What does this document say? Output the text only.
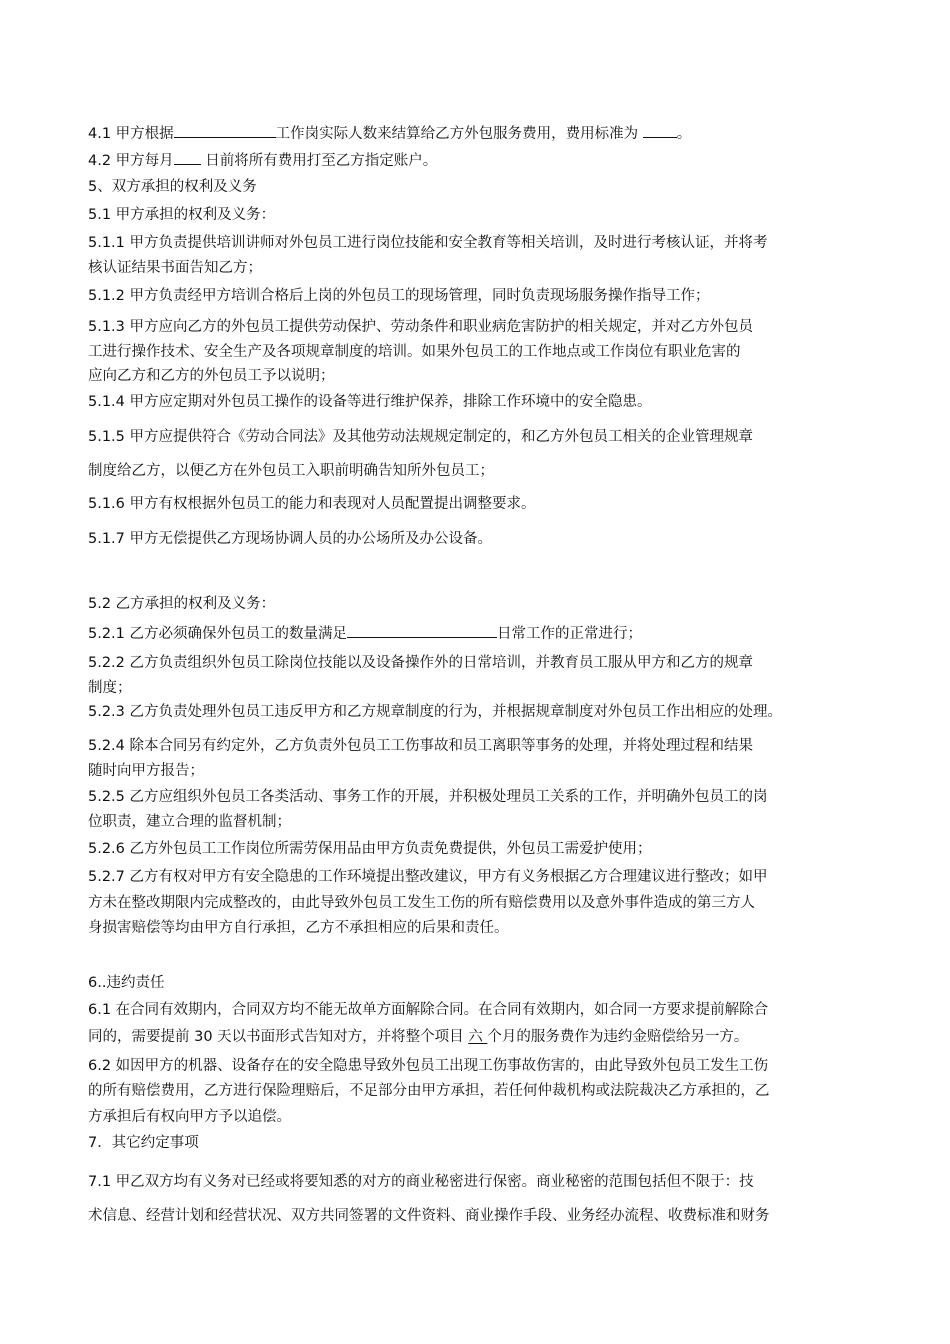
4.1 甲方根据	工作岗实际人数来结算给乙方外包服务费用，费用标准为 。
4.2 甲方每月 日前将所有费用打至乙方指定账户。
5、双方承担的权利及义务
5.1 甲方承担的权利及义务：
5.1.1 甲方负责提供培训讲师对外包员工进行岗位技能和安全教育等相关培训，及时进行考核认证，并将考
核认证结果书面告知乙方；
5.1.2 甲方负责经甲方培训合格后上岗的外包员工的现场管理，同时负责现场服务操作指导工作；
5.1.3 甲方应向乙方的外包员工提供劳动保护、劳动条件和职业病危害防护的相关规定，并对乙方外包员
工进行操作技术、安全生产及各项规章制度的培训。如果外包员工的工作地点或工作岗位有职业危害的
应向乙方和乙方的外包员工予以说明；
5.1.4 甲方应定期对外包员工操作的设备等进行维护保养，排除工作环境中的安全隐患。
5.1.5 甲方应提供符合《劳动合同法》及其他劳动法规规定制定的，和乙方外包员工相关的企业管理规章
制度给乙方，以便乙方在外包员工入职前明确告知所外包员工；
5.1.6 甲方有权根据外包员工的能力和表现对人员配置提出调整要求。
5.1.7 甲方无偿提供乙方现场协调人员的办公场所及办公设备。
5.2 乙方承担的权利及义务：
5.2.1 乙方必须确保外包员工的数量满足	日常工作的正常进行；
5.2.2 乙方负责组织外包员工除岗位技能以及设备操作外的日常培训，并教育员工服从甲方和乙方的规章
制度；
5.2.3 乙方负责处理外包员工违反甲方和乙方规章制度的行为，并根据规章制度对外包员工作出相应的处理。
5.2.4 除本合同另有约定外，乙方负责外包员工工伤事故和员工离职等事务的处理，并将处理过程和结果
随时向甲方报告；
5.2.5 乙方应组织外包员工各类活动、事务工作的开展，并积极处理员工关系的工作，并明确外包员工的岗
位职责，建立合理的监督机制；
5.2.6 乙方外包员工工作岗位所需劳保用品由甲方负责免费提供，外包员工需爱护使用；
5.2.7 乙方有权对甲方有安全隐患的工作环境提出整改建议，甲方有义务根据乙方合理建议进行整改；如甲
方未在整改期限内完成整改的，由此导致外包员工发生工伤的所有赔偿费用以及意外事件造成的第三方人
身损害赔偿等均由甲方自行承担，乙方不承担相应的后果和责任。
6..违约责任
6.1 在合同有效期内，合同双方均不能无故单方面解除合同。在合同有效期内，如合同一方要求提前解除合
同的，需要提前 30 天以书面形式告知对方，并将整个项目 六 个月的服务费作为违约金赔偿给另一方。
6.2 如因甲方的机器、设备存在的安全隐患导致外包员工出现工伤事故伤害的，由此导致外包员工发生工伤
的所有赔偿费用，乙方进行保险理赔后，不足部分由甲方承担，若任何仲裁机构或法院裁决乙方承担的，乙
方承担后有权向甲方予以追偿。
7．其它约定事项
7.1 甲乙双方均有义务对已经或将要知悉的对方的商业秘密进行保密。商业秘密的范围包括但不限于：技
术信息、经营计划和经营状况、双方共同签署的文件资料、商业操作手段、业务经办流程、收费标准和财务
